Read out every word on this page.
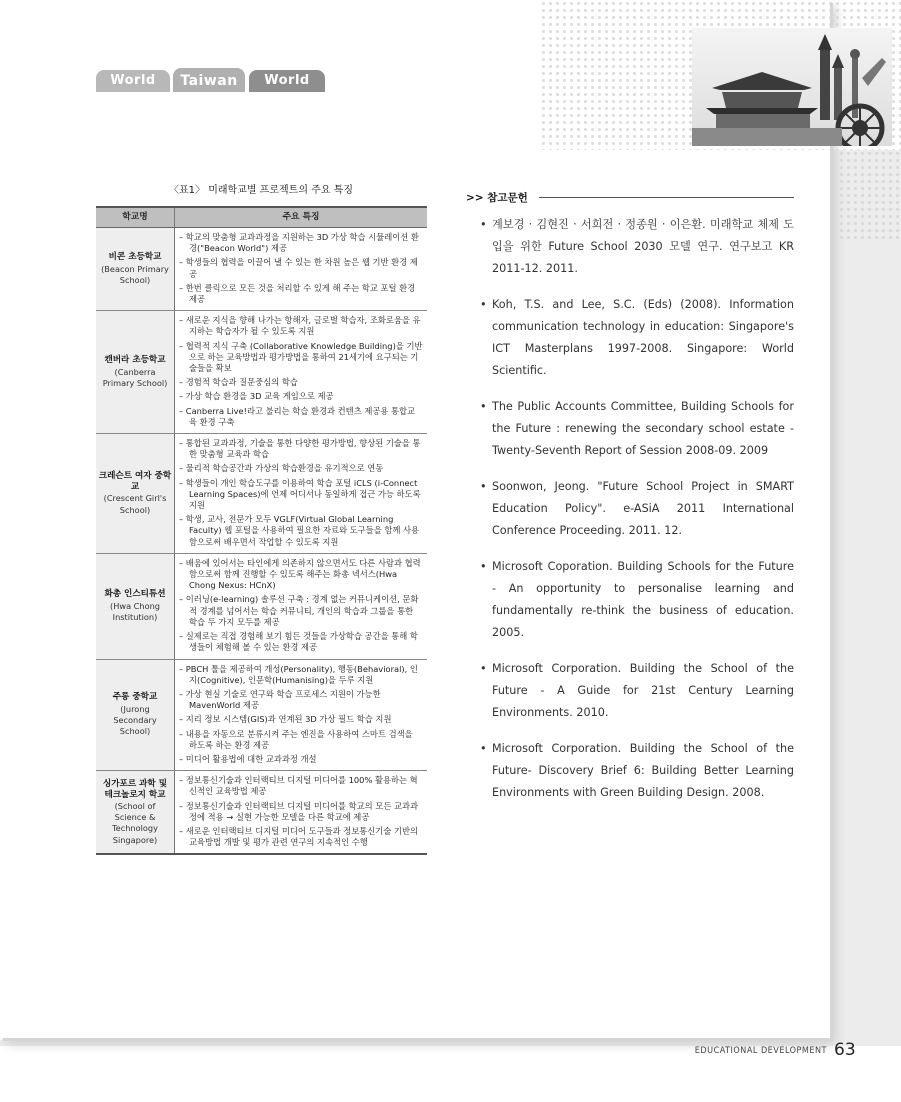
World	Taiwan	World
〈표1〉 미래학교별 프로젝트의 주요 특징
학교명	주요 특징

비콘 초등학교
(Beacon Primary School)	– 학교의 맞춤형 교과과정을 지원하는 3D 가상 학습 시뮬레이션 환경("Beacon World") 제공
– 학생들의 협력을 이끌어 낼 수 있는 한 차원 높은 웹 기반 환경 제공
– 한번 클릭으로 모든 것을 처리할 수 있게 해 주는 학교 포털 환경 제공

캔버라 초등학교
(Canberra Primary School)	– 새로운 지식을 향해 나가는 항해자, 글로벌 학습자, 조화로움을 유지하는 학습자가 될 수 있도록 지원
– 협력적 지식 구축 (Collaborative Knowledge Building)을 기반으로 하는 교육방법과 평가방법을 통하여 21세기에 요구되는 기술들을 확보
– 경험적 학습과 질문중심의 학습
– 가상 학습 환경을 3D 교육 게임으로 제공
– Canberra Live!라고 불리는 학습 환경과 컨텐츠 제공용 통합교육 환경 구축

크레슨트 여자 중학교
(Crescent Girl's School)	– 통합된 교과과정, 기술을 통한 다양한 평가방법, 향상된 기술을 통한 맞춤형 교육과 학습
– 물리적 학습공간과 가상의 학습환경을 유기적으로 연동
– 학생들이 개인 학습도구를 이용하여 학습 포털 iCLS (i-Connect Learning Spaces)에 언제 어디서나 동일하게 접근 가능 하도록 지원
– 학생, 교사, 전문가 모두 VGLF(Virtual Global Learning Faculty) 웹 포털을 사용하여 필요한 자료와 도구들을 함께 사용함으로써 배우면서 작업할 수 있도록 지원

화총 인스티튜션
(Hwa Chong Institution)	– 배움에 있어서는 타인에게 의존하지 않으면서도 다른 사람과 협력함으로써 함께 진행할 수 있도록 해주는 화총 넥서스(Hwa Chong Nexus: HCnX)
– 이러닝(e-learning) 솔루션 구축 : 경계 없는 커뮤니케이션, 문화적 경계를 넘어서는 학습 커뮤니티, 개인의 학습과 그룹을 통한 학습 두 가지 모두를 제공
– 실제로는 직접 경험해 보기 힘든 것들을 가상학습 공간을 통해 학생들이 체험해 볼 수 있는 환경 제공

주롱 중학교
(Jurong Secondary School)	– PBCH 툴을 제공하여 개성(Personality), 행동(Behavioral), 인지(Cognitive), 인문학(Humanising)을 두루 지원
– 가상 현실 기술로 연구와 학습 프로세스 지원이 가능한 MavenWorld 제공
– 지리 정보 시스템(GIS)과 연계된 3D 가상 필드 학습 지원
– 내용을 자동으로 분류시켜 주는 엔진을 사용하여 스마트 검색을 하도록 하는 환경 제공
– 미디어 활용법에 대한 교과과정 개설

싱가포르 과학 및 테크놀로지 학교
(School of Science & Technology Singapore)	– 정보통신기술과 인터랙티브 디지털 미디어를 100% 활용하는 혁신적인 교육방법 제공
– 정보통신기술과 인터랙티브 디지털 미디어를 학교의 모든 교과과정에 적용 → 실현 가능한 모델을 다른 학교에 제공
– 새로운 인터랙티브 디지털 미디어 도구들과 정보통신기술 기반의 교육방법 개발 및 평가 관련 연구의 지속적인 수행
>> 참고문헌
• 계보경 · 김현진 · 서희전 · 정종원 · 이은환. 미래학교 체제 도입을 위한 Future School 2030 모델 연구. 연구보고 KR 2011-12. 2011.
• Koh, T.S. and Lee, S.C. (Eds) (2008). Information communication technology in education: Singapore's ICT Masterplans 1997-2008. Singapore: World Scientific.
• The Public Accounts Committee, Building Schools for the Future : renewing the secondary school estate -Twenty-Seventh Report of Session 2008-09. 2009
• Soonwon, Jeong. "Future School Project in SMART Education Policy". e-ASiA 2011 International Conference Proceeding. 2011. 12.
• Microsoft Coporation. Building Schools for the Future - An opportunity to personalise learning and fundamentally re-think the business of education. 2005.
• Microsoft Corporation. Building the School of the Future - A Guide for 21st Century Learning Environments. 2010.
• Microsoft Corporation. Building the School of the Future- Discovery Brief 6: Building Better Learning Environments with Green Building Design. 2008.
EDUCATIONAL DEVELOPMENT 63
